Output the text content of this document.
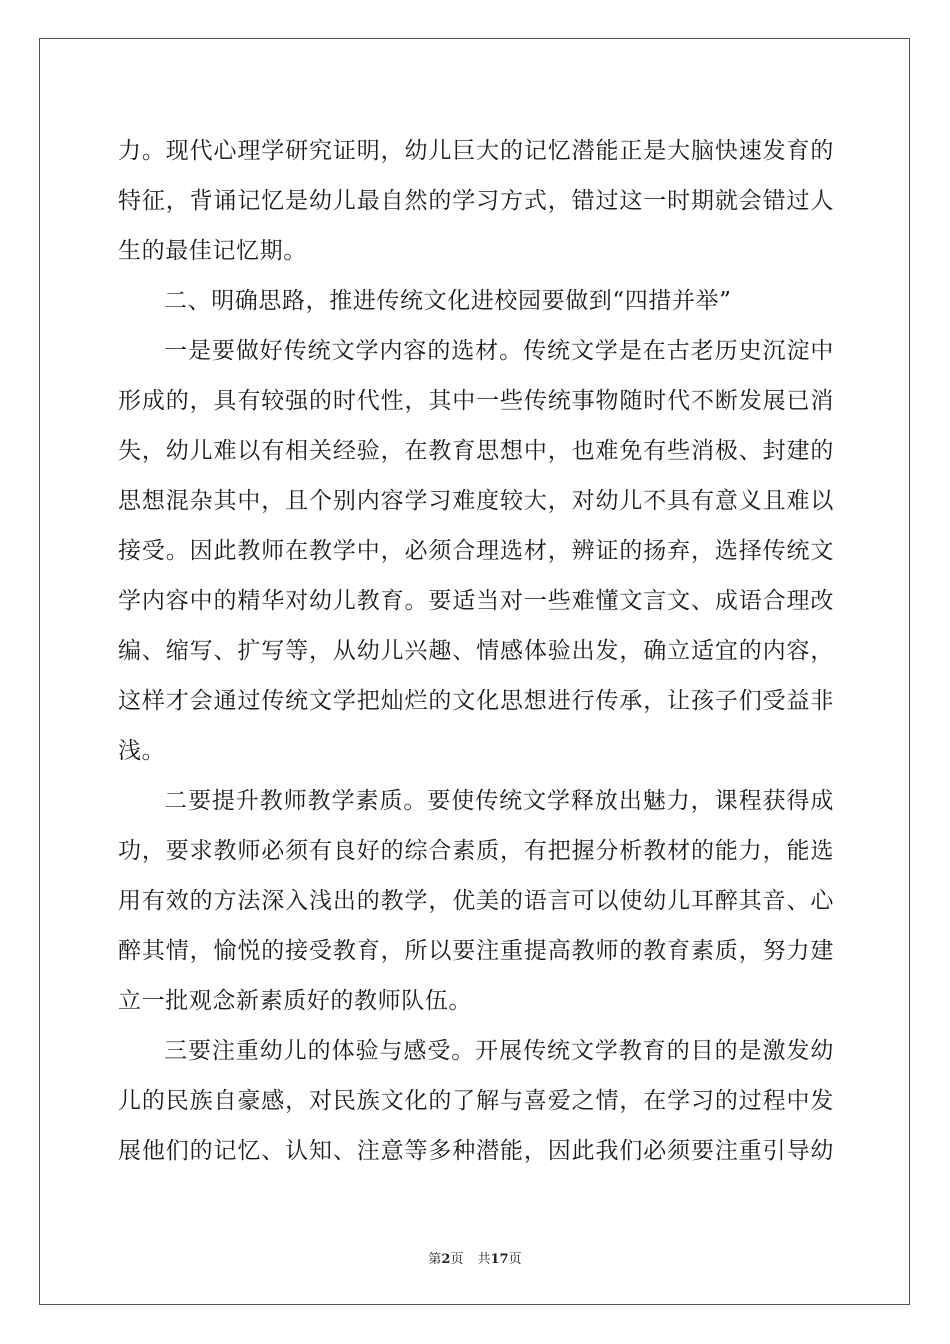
力。现代心理学研究证明，幼儿巨大的记忆潜能正是大脑快速发育的
特征，背诵记忆是幼儿最自然的学习方式，错过这一时期就会错过人
生的最佳记忆期。
二、明确思路，推进传统文化进校园要做到“四措并举”
一是要做好传统文学内容的选材。传统文学是在古老历史沉淀中
形成的，具有较强的时代性，其中一些传统事物随时代不断发展已消
失，幼儿难以有相关经验，在教育思想中，也难免有些消极、封建的
思想混杂其中，且个别内容学习难度较大，对幼儿不具有意义且难以
接受。因此教师在教学中，必须合理选材，辨证的扬弃，选择传统文
学内容中的精华对幼儿教育。要适当对一些难懂文言文、成语合理改
编、缩写、扩写等，从幼儿兴趣、情感体验出发，确立适宜的内容，
这样才会通过传统文学把灿烂的文化思想进行传承，让孩子们受益非
浅。
二要提升教师教学素质。要使传统文学释放出魅力，课程获得成
功，要求教师必须有良好的综合素质，有把握分析教材的能力，能选
用有效的方法深入浅出的教学，优美的语言可以使幼儿耳醉其音、心
醉其情，愉悦的接受教育，所以要注重提高教师的教育素质，努力建
立一批观念新素质好的教师队伍。
三要注重幼儿的体验与感受。开展传统文学教育的目的是激发幼
儿的民族自豪感，对民族文化的了解与喜爱之情，在学习的过程中发
展他们的记忆、认知、注意等多种潜能，因此我们必须要注重引导幼
第2页 共17页
